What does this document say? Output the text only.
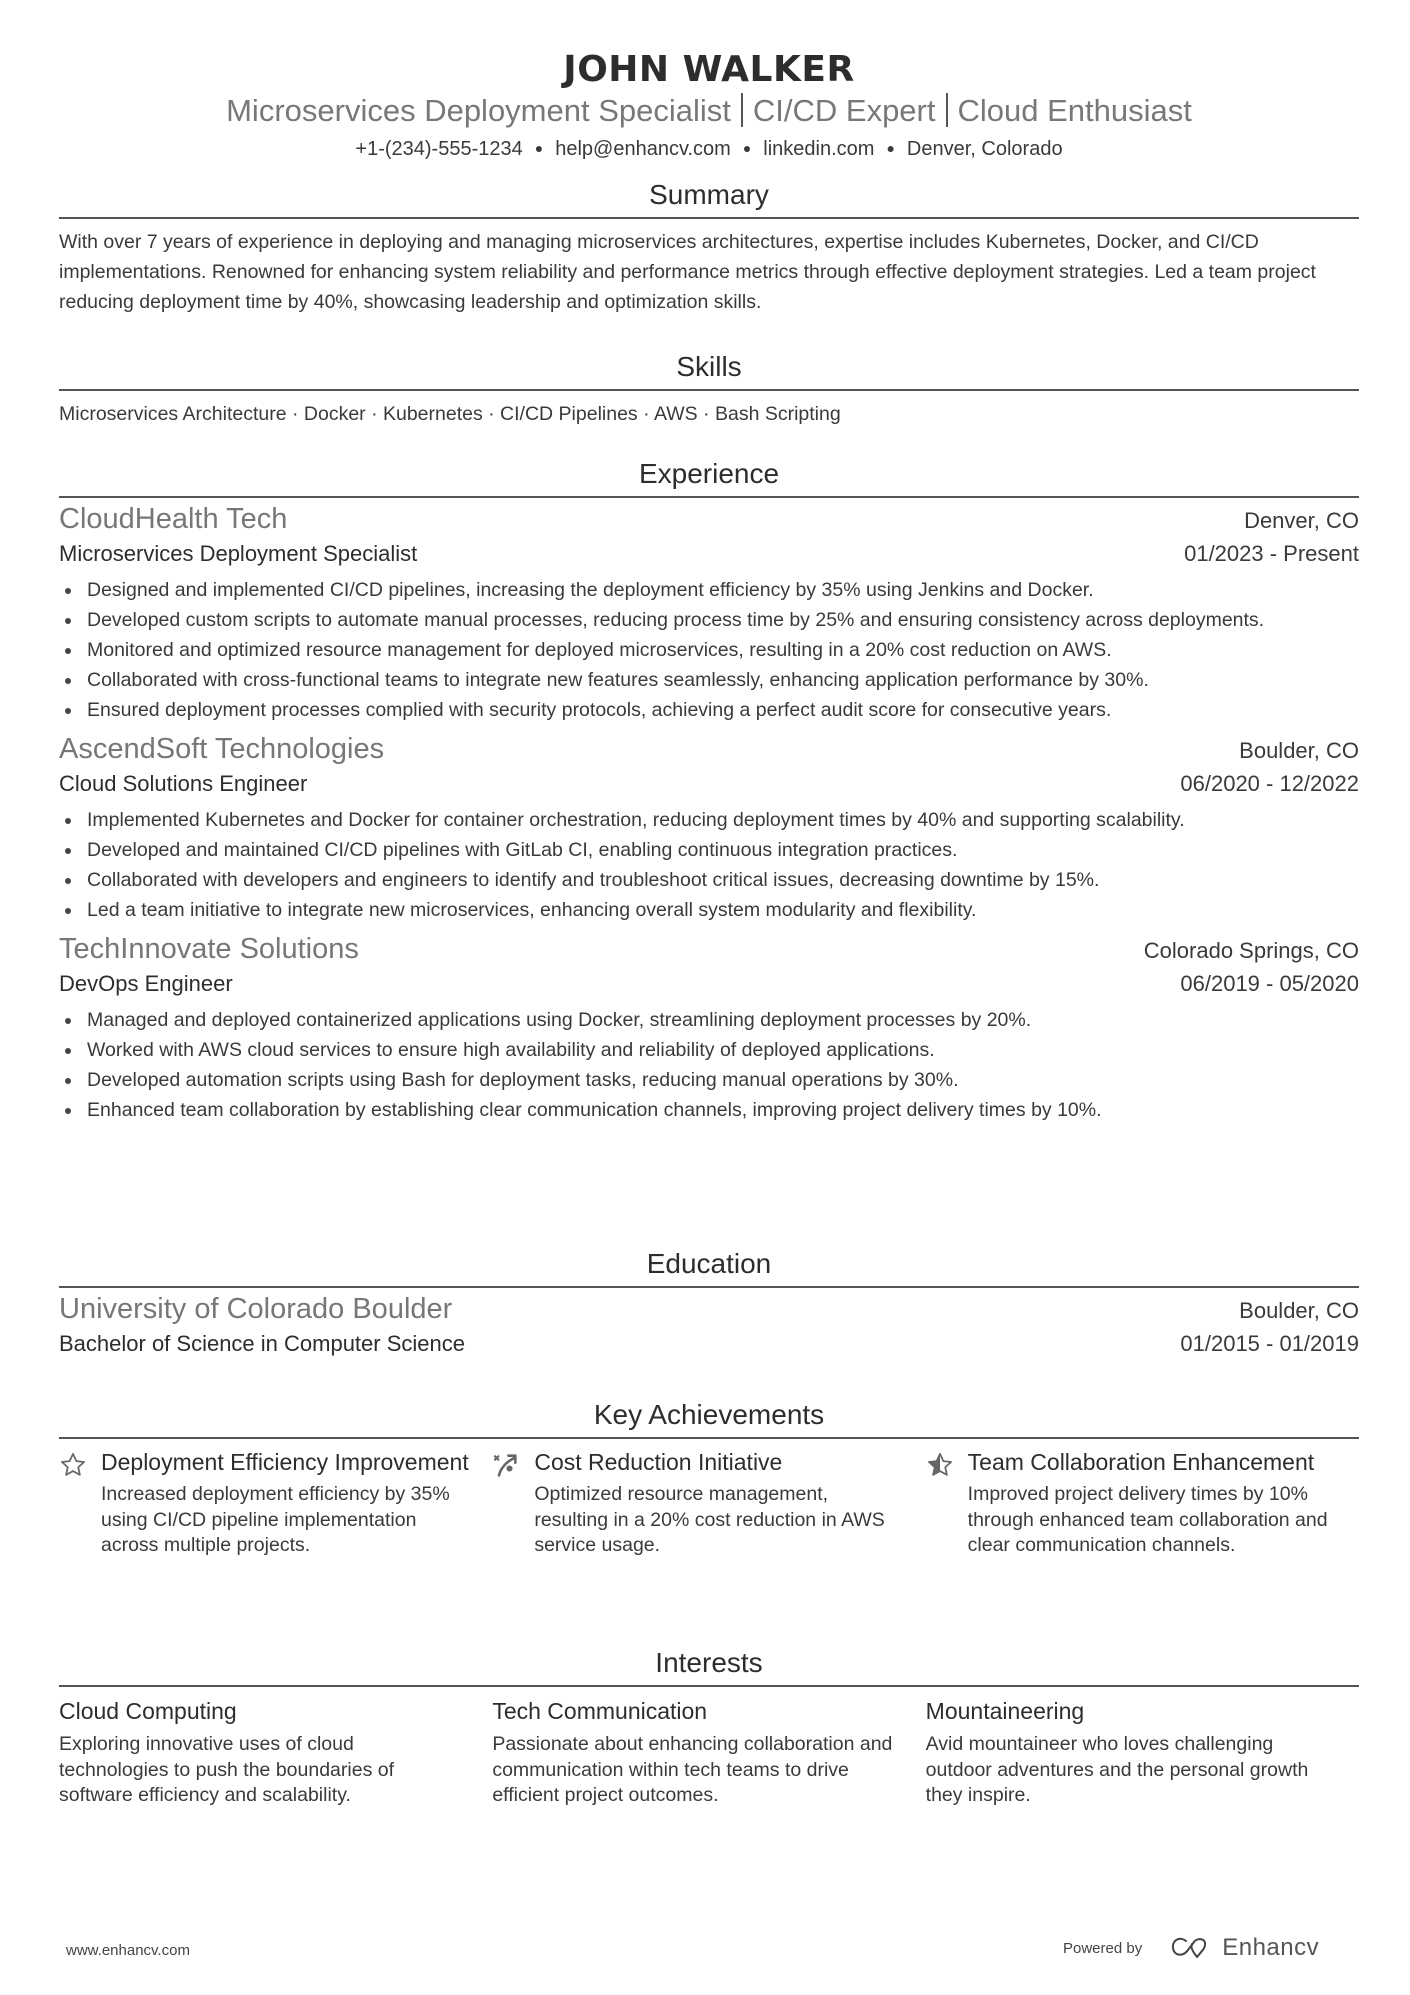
JOHN WALKER
Microservices Deployment Specialist CI/CD Expert Cloud Enthusiast
+1-(234)-555-1234 ● help@enhancv.com ● linkedin.com ● Denver, Colorado
Summary
With over 7 years of experience in deploying and managing microservices architectures, expertise includes Kubernetes, Docker, and CI/CD implementations. Renowned for enhancing system reliability and performance metrics through effective deployment strategies. Led a team project reducing deployment time by 40%, showcasing leadership and optimization skills.
Skills
Microservices Architecture · Docker · Kubernetes · CI/CD Pipelines · AWS · Bash Scripting
Experience
CloudHealth Tech	Denver, CO
Microservices Deployment Specialist	01/2023 - Present
Designed and implemented CI/CD pipelines, increasing the deployment efficiency by 35% using Jenkins and Docker.
Developed custom scripts to automate manual processes, reducing process time by 25% and ensuring consistency across deployments.
Monitored and optimized resource management for deployed microservices, resulting in a 20% cost reduction on AWS.
Collaborated with cross-functional teams to integrate new features seamlessly, enhancing application performance by 30%.
Ensured deployment processes complied with security protocols, achieving a perfect audit score for consecutive years.
AscendSoft Technologies	Boulder, CO
Cloud Solutions Engineer	06/2020 - 12/2022
Implemented Kubernetes and Docker for container orchestration, reducing deployment times by 40% and supporting scalability.
Developed and maintained CI/CD pipelines with GitLab CI, enabling continuous integration practices.
Collaborated with developers and engineers to identify and troubleshoot critical issues, decreasing downtime by 15%.
Led a team initiative to integrate new microservices, enhancing overall system modularity and flexibility.
TechInnovate Solutions	Colorado Springs, CO
DevOps Engineer	06/2019 - 05/2020
Managed and deployed containerized applications using Docker, streamlining deployment processes by 20%.
Worked with AWS cloud services to ensure high availability and reliability of deployed applications.
Developed automation scripts using Bash for deployment tasks, reducing manual operations by 30%.
Enhanced team collaboration by establishing clear communication channels, improving project delivery times by 10%.
Education
University of Colorado Boulder	Boulder, CO
Bachelor of Science in Computer Science	01/2015 - 01/2019
Key Achievements
Deployment Efficiency Improvement
Increased deployment efficiency by 35% using CI/CD pipeline implementation across multiple projects.
Cost Reduction Initiative
Optimized resource management, resulting in a 20% cost reduction in AWS service usage.
Team Collaboration Enhancement
Improved project delivery times by 10% through enhanced team collaboration and clear communication channels.
Interests
Cloud Computing
Exploring innovative uses of cloud technologies to push the boundaries of software efficiency and scalability.
Tech Communication
Passionate about enhancing collaboration and communication within tech teams to drive efficient project outcomes.
Mountaineering
Avid mountaineer who loves challenging outdoor adventures and the personal growth they inspire.
www.enhancv.com	Powered by	Enhancv
